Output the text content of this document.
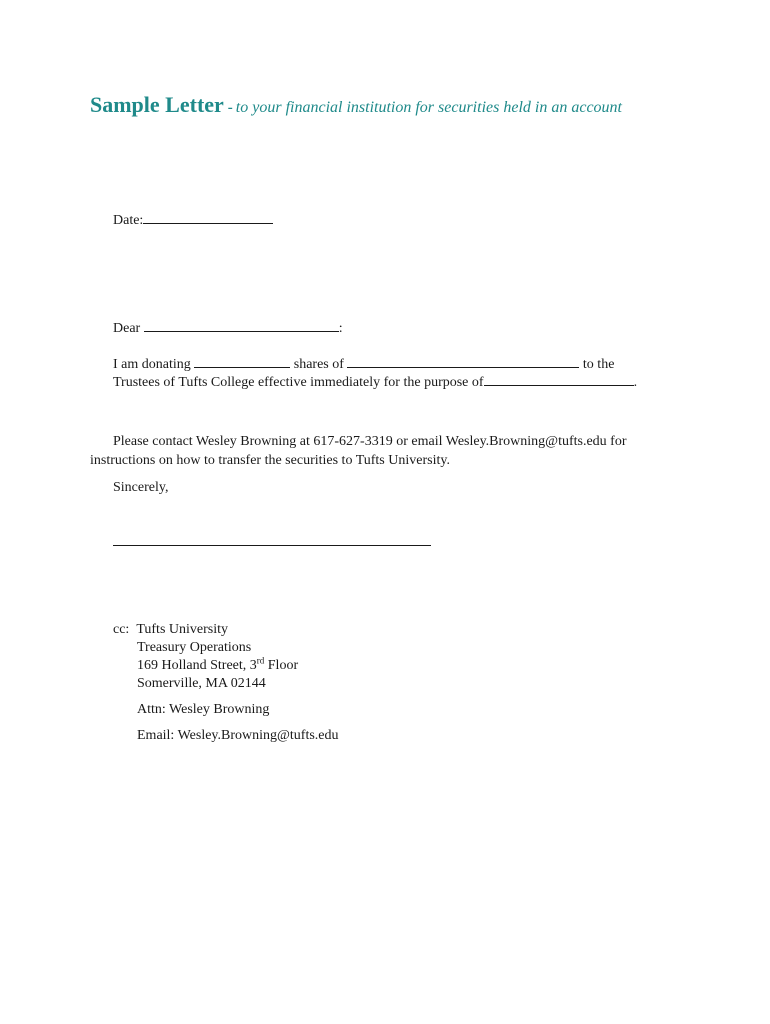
Sample Letter - to your financial institution for securities held in an account
Date:
Dear	:
I am donating	shares of	to the
Trustees of Tufts College effective immediately for the purpose of	.
Please contact Wesley Browning at 617-627-3319 or email Wesley.Browning@tufts.edu for
instructions on how to transfer the securities to Tufts University.
Sincerely,
cc: Tufts University
Treasury Operations
169 Holland Street, 3rd Floor
Somerville, MA 02144
Attn: Wesley Browning
Email: Wesley.Browning@tufts.edu
